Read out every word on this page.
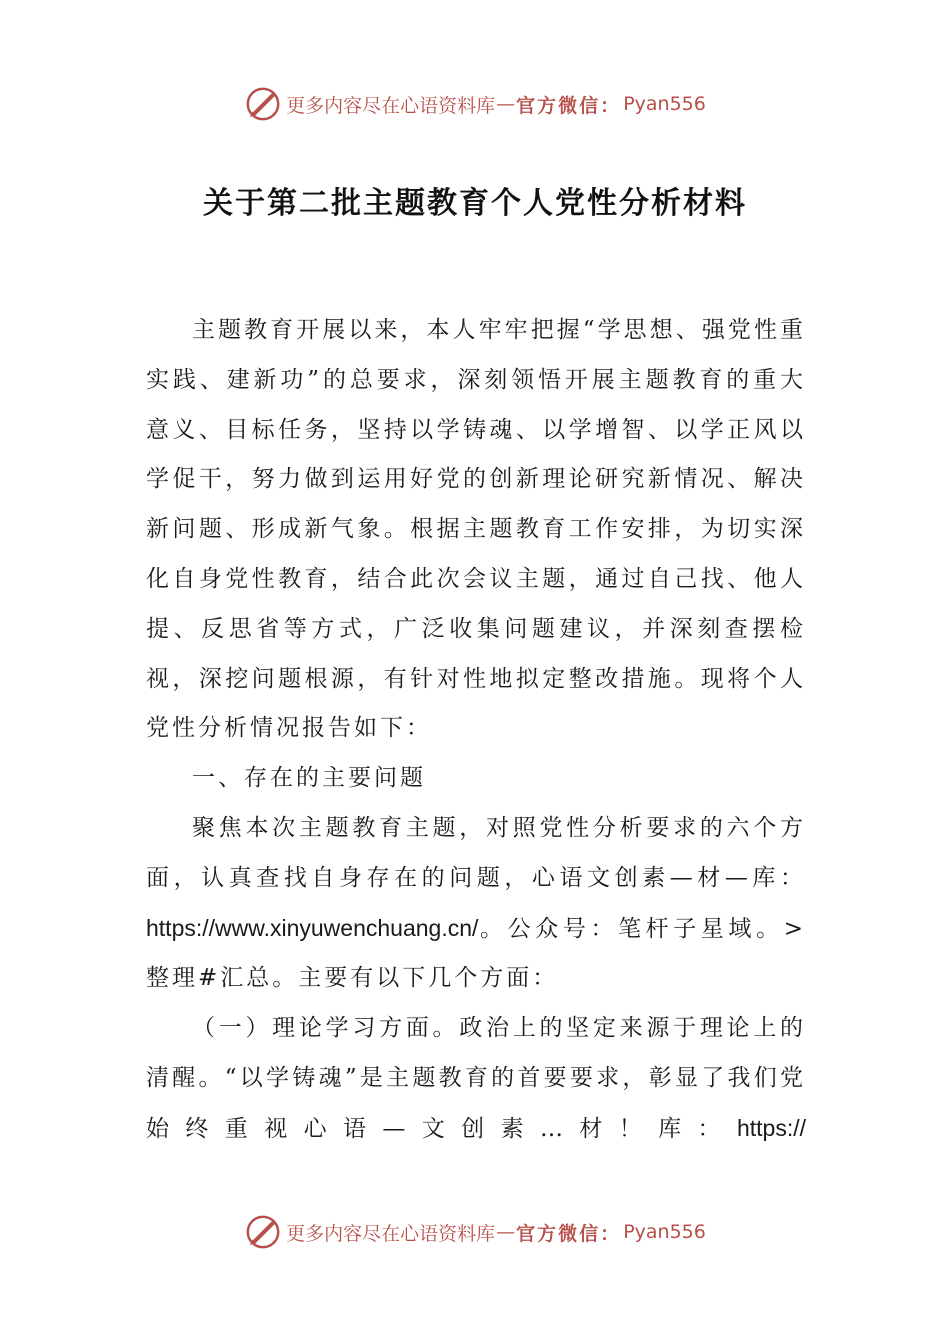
更多内容尽在心语资料库 — 官方微信： Pyan556
关于第二批主题教育个人党性分析材料

主题教育开展以来，本人牢牢把握“学思想、强党性重实践、建新功”的总要求，深刻领悟开展主题教育的重大意义、目标任务，坚持以学铸魂、以学增智、以学正风以学促干，努力做到运用好党的创新理论研究新情况、解决新问题、形成新气象。根据主题教育工作安排，为切实深化自身党性教育，结合此次会议主题，通过自己找、他人提、反思省等方式，广泛收集问题建议，并深刻查摆检视，深挖问题根源，有针对性地拟定整改措施。现将个人党性分析情况报告如下：

一、存在的主要问题

聚焦本次主题教育主题，对照党性分析要求的六个方面，认真查找自身存在的问题，心语文创素—材—库：https://www.xinyuwenchuang.cn/。公众号：笔杆子星域。>整理#汇总。主要有以下几个方面：

（一）理论学习方面。政治上的坚定来源于理论上的清醒。“以学铸魂”是主题教育的首要要求，彰显了我们党始终重视心语—文创素…材！库：https://

更多内容尽在心语资料库 — 官方微信： Pyan556
